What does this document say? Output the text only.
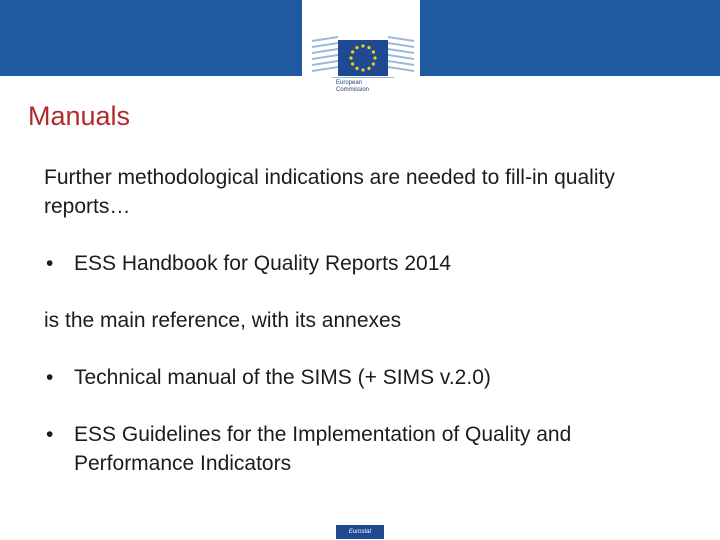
European
Commission
Manuals

Further methodological indications are needed to fill-in quality reports…

• ESS Handbook for Quality Reports 2014

is the main reference, with its annexes

• Technical manual of the SIMS (+ SIMS v.2.0)
• ESS Guidelines for the Implementation of Quality and Performance Indicators
Eurostat
